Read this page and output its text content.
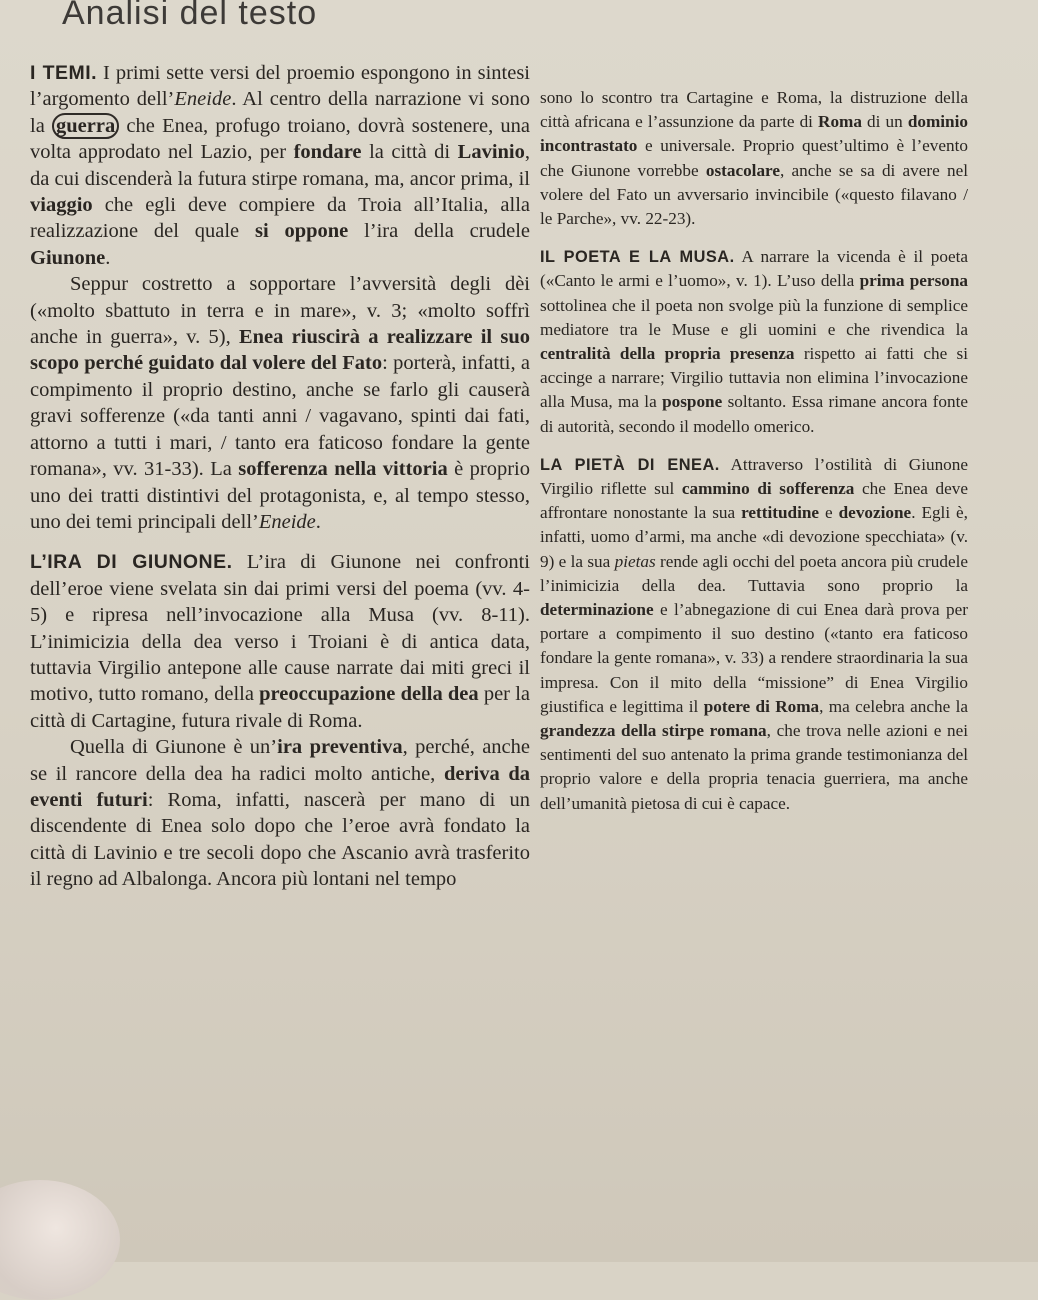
Analisi del testo

I TEMI. I primi sette versi del proemio espongono in sintesi l’argomento dell’Eneide. Al centro della narrazione vi sono la guerra che Enea, profugo troiano, dovrà sostenere, una volta approdato nel Lazio, per fondare la città di Lavinio, da cui discenderà la futura stirpe romana, ma, ancor prima, il viaggio che egli deve compiere da Troia all’Italia, alla realizzazione del quale si oppone l’ira della crudele Giunone.

Seppur costretto a sopportare l’avversità degli dèi («molto sbattuto in terra e in mare», v. 3; «molto soffrì anche in guerra», v. 5), Enea riuscirà a realizzare il suo scopo perché guidato dal volere del Fato: porterà, infatti, a compimento il proprio destino, anche se farlo gli causerà gravi sofferenze («da tanti anni / vagavano, spinti dai fati, attorno a tutti i mari, / tanto era faticoso fondare la gente romana», vv. 31-33). La sofferenza nella vittoria è proprio uno dei tratti distintivi del protagonista, e, al tempo stesso, uno dei temi principali dell’Eneide.

L’IRA DI GIUNONE. L’ira di Giunone nei confronti dell’eroe viene svelata sin dai primi versi del poema (vv. 4-5) e ripresa nell’invocazione alla Musa (vv. 8-11). L’inimicizia della dea verso i Troiani è di antica data, tuttavia Virgilio antepone alle cause narrate dai miti greci il motivo, tutto romano, della preoccupazione della dea per la città di Cartagine, futura rivale di Roma.

Quella di Giunone è un’ira preventiva, perché, anche se il rancore della dea ha radici molto antiche, deriva da eventi futuri: Roma, infatti, nascerà per mano di un discendente di Enea solo dopo che l’eroe avrà fondato la città di Lavinio e tre secoli dopo che Ascanio avrà trasferito il regno ad Albalonga. Ancora più lontani nel tempo

sono lo scontro tra Cartagine e Roma, la distruzione della città africana e l’assunzione da parte di Roma di un dominio incontrastato e universale. Proprio quest’ultimo è l’evento che Giunone vorrebbe ostacolare, anche se sa di avere nel volere del Fato un avversario invincibile («questo filavano / le Parche», vv. 22-23).

IL POETA E LA MUSA. A narrare la vicenda è il poeta («Canto le armi e l’uomo», v. 1). L’uso della prima persona sottolinea che il poeta non svolge più la funzione di semplice mediatore tra le Muse e gli uomini e che rivendica la centralità della propria presenza rispetto ai fatti che si accinge a narrare; Virgilio tuttavia non elimina l’invocazione alla Musa, ma la pospone soltanto. Essa rimane ancora fonte di autorità, secondo il modello omerico.

LA PIETÀ DI ENEA. Attraverso l’ostilità di Giunone Virgilio riflette sul cammino di sofferenza che Enea deve affrontare nonostante la sua rettitudine e devozione. Egli è, infatti, uomo d’armi, ma anche «di devozione specchiata» (v. 9) e la sua pietas rende agli occhi del poeta ancora più crudele l’inimicizia della dea. Tuttavia sono proprio la determinazione e l’abnegazione di cui Enea darà prova per portare a compimento il suo destino («tanto era faticoso fondare la gente romana», v. 33) a rendere straordinaria la sua impresa. Con il mito della “missione” di Enea Virgilio giustifica e legittima il potere di Roma, ma celebra anche la grandezza della stirpe romana, che trova nelle azioni e nei sentimenti del suo antenato la prima grande testimonianza del proprio valore e della propria tenacia guerriera, ma anche dell’umanità pietosa di cui è capace.
